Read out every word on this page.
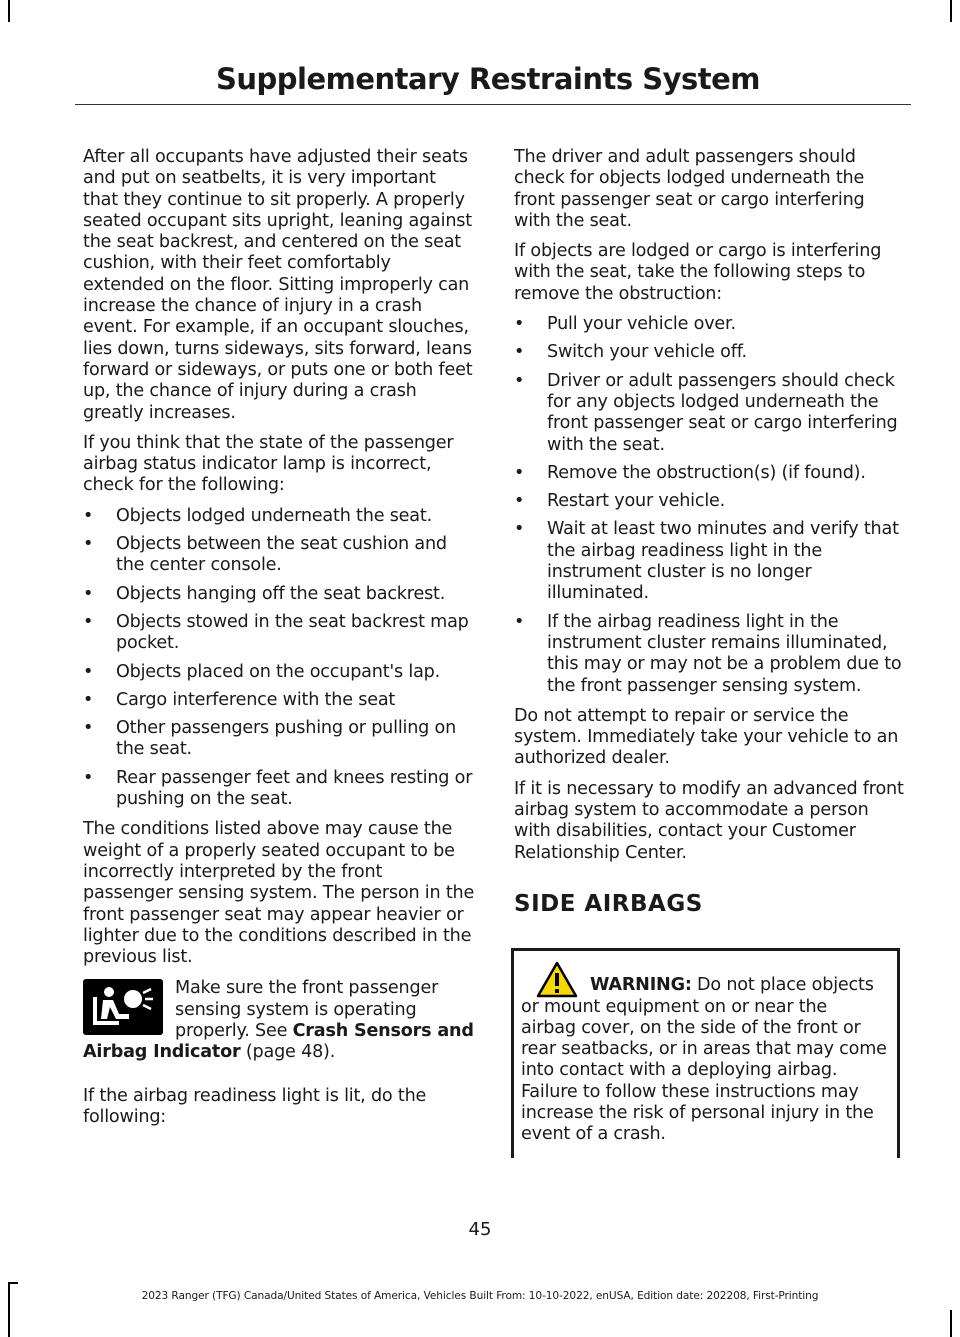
Supplementary Restraints System

After all occupants have adjusted their seats and put on seatbelts, it is very important that they continue to sit properly. A properly seated occupant sits upright, leaning against the seat backrest, and centered on the seat cushion, with their feet comfortably extended on the floor. Sitting improperly can increase the chance of injury in a crash event. For example, if an occupant slouches, lies down, turns sideways, sits forward, leans forward or sideways, or puts one or both feet up, the chance of injury during a crash greatly increases.

If you think that the state of the passenger airbag status indicator lamp is incorrect, check for the following:

• Objects lodged underneath the seat.
• Objects between the seat cushion and the center console.
• Objects hanging off the seat backrest.
• Objects stowed in the seat backrest map pocket.
• Objects placed on the occupant's lap.
• Cargo interference with the seat
• Other passengers pushing or pulling on the seat.
• Rear passenger feet and knees resting or pushing on the seat.

The conditions listed above may cause the weight of a properly seated occupant to be incorrectly interpreted by the front passenger sensing system. The person in the front passenger seat may appear heavier or lighter due to the conditions described in the previous list.

Make sure the front passenger sensing system is operating properly. See Crash Sensors and Airbag Indicator (page 48).

If the airbag readiness light is lit, do the following:

The driver and adult passengers should check for objects lodged underneath the front passenger seat or cargo interfering with the seat.

If objects are lodged or cargo is interfering with the seat, take the following steps to remove the obstruction:

• Pull your vehicle over.
• Switch your vehicle off.
• Driver or adult passengers should check for any objects lodged underneath the front passenger seat or cargo interfering with the seat.
• Remove the obstruction(s) (if found).
• Restart your vehicle.
• Wait at least two minutes and verify that the airbag readiness light in the instrument cluster is no longer illuminated.
• If the airbag readiness light in the instrument cluster remains illuminated, this may or may not be a problem due to the front passenger sensing system.

Do not attempt to repair or service the system. Immediately take your vehicle to an authorized dealer.

If it is necessary to modify an advanced front airbag system to accommodate a person with disabilities, contact your Customer Relationship Center.

SIDE AIRBAGS

WARNING: Do not place objects or mount equipment on or near the airbag cover, on the side of the front or rear seatbacks, or in areas that may come into contact with a deploying airbag. Failure to follow these instructions may increase the risk of personal injury in the event of a crash.

45
2023 Ranger (TFG) Canada/United States of America, Vehicles Built From: 10-10-2022, enUSA, Edition date: 202208, First-Printing
